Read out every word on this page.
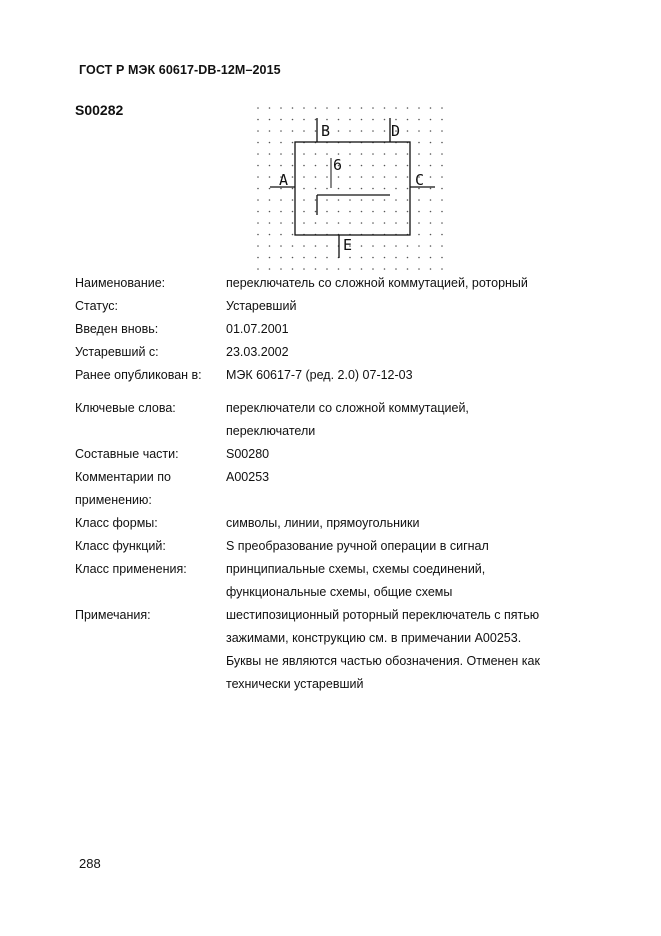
ГОСТ Р МЭК 60617-DB-12M–2015
S00282
A
B	D
C
E
6
Наименование:	переключатель со сложной коммутацией, роторный
Статус:	Устаревший
Введен вновь:	01.07.2001
Устаревший с:	23.03.2002
Ранее опубликован в:	МЭК 60617-7 (ред. 2.0) 07-12-03
Ключевые слова:	переключатели со сложной коммутацией,
переключатели
Составные части:	S00280
Комментарии по
применению:
A00253
Класс формы:	символы, линии, прямоугольники
Класс функций:	S преобразование ручной операции в сигнал
Класс применения:	принципиальные схемы, схемы соединений,
функциональные схемы, общие схемы
Примечания:	шестипозиционный роторный переключатель с пятью
зажимами, конструкцию см. в примечании A00253.
Буквы не являются частью обозначения. Отменен как
технически устаревший
288
